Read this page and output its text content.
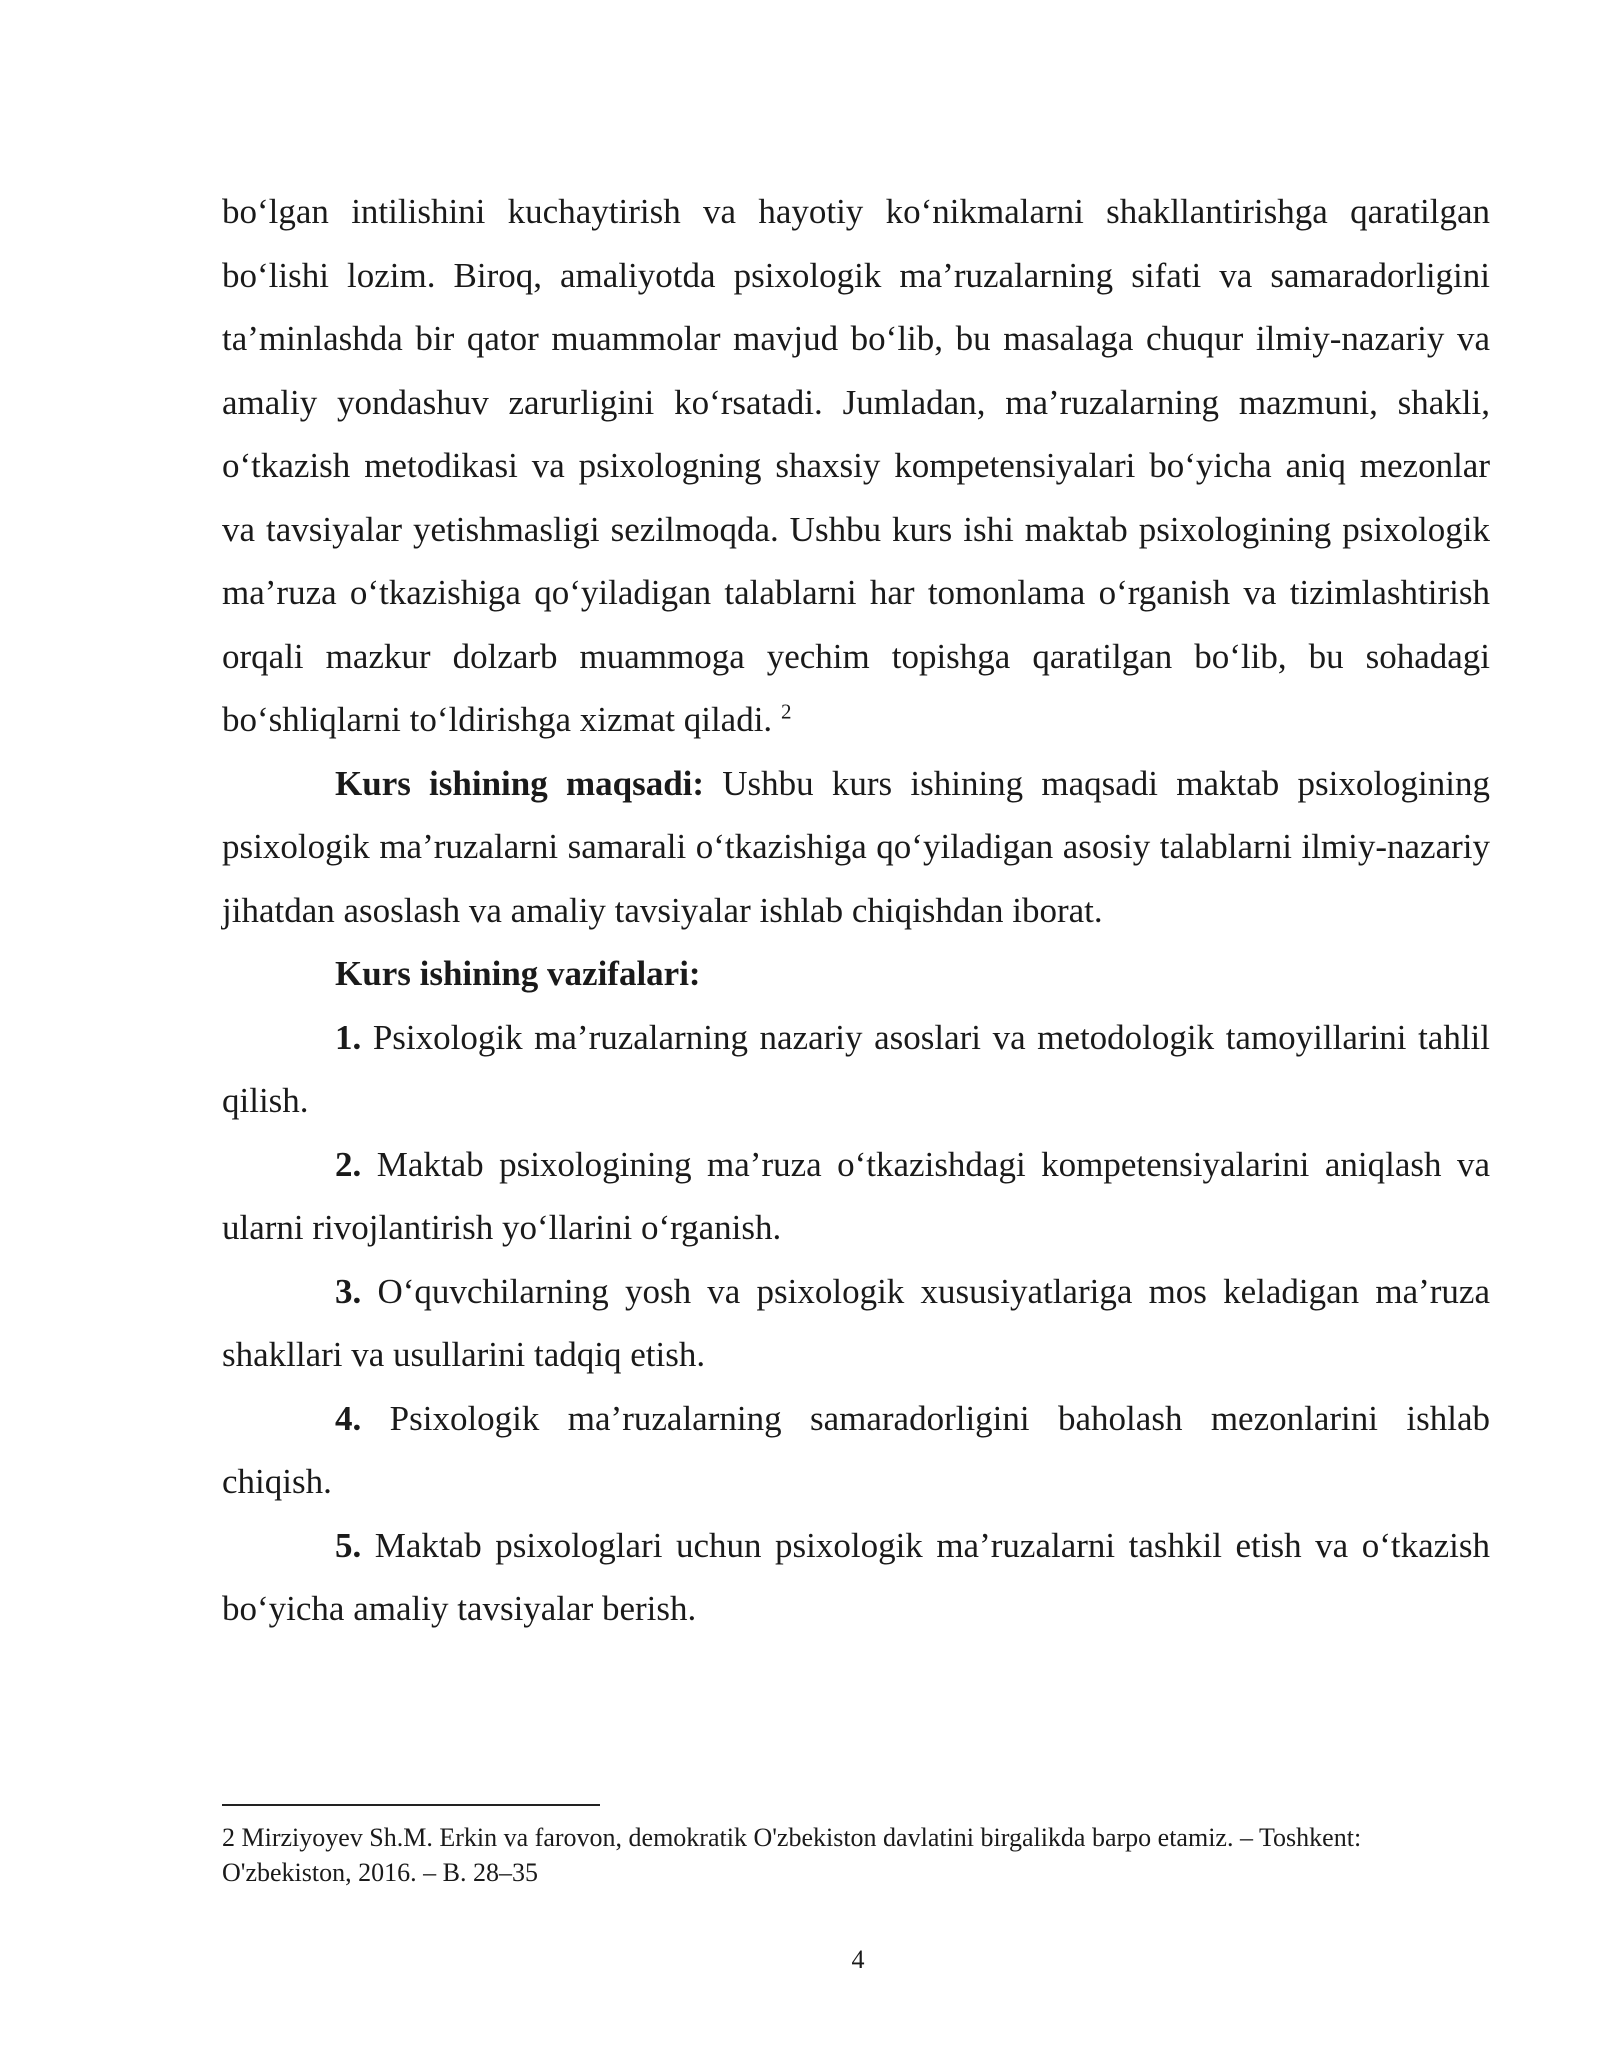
bo‘lgan intilishini kuchaytirish va hayotiy ko‘nikmalarni shakllantirishga qaratilgan bo‘lishi lozim. Biroq, amaliyotda psixologik ma’ruzalarning sifati va samaradorligini ta’minlashda bir qator muammolar mavjud bo‘lib, bu masalaga chuqur ilmiy-nazariy va amaliy yondashuv zarurligini ko‘rsatadi. Jumladan, ma’ruzalarning mazmuni, shakli, o‘tkazish metodikasi va psixologning shaxsiy kompetensiyalari bo‘yicha aniq mezonlar va tavsiyalar yetishmasligi sezilmoqda. Ushbu kurs ishi maktab psixologining psixologik ma’ruza o‘tkazishiga qo‘yiladigan talablarni har tomonlama o‘rganish va tizimlashtirish orqali mazkur dolzarb muammoga yechim topishga qaratilgan bo‘lib, bu sohadagi bo‘shliqlarni to‘ldirishga xizmat qiladi. $^2$

Kurs ishining maqsadi: Ushbu kurs ishining maqsadi maktab psixologining psixologik ma’ruzalarni samarali o‘tkazishiga qo‘yiladigan asosiy talablarni ilmiy-nazariy jihatdan asoslash va amaliy tavsiyalar ishlab chiqishdan iborat.

Kurs ishining vazifalari:

1. Psixologik ma’ruzalarning nazariy asoslari va metodologik tamoyillarini tahlil qilish.

2. Maktab psixologining ma’ruza o‘tkazishdagi kompetensiyalarini aniqlash va ularni rivojlantirish yo‘llarini o‘rganish.

3. O‘quvchilarning yosh va psixologik xususiyatlariga mos keladigan ma’ruza shakllari va usullarini tadqiq etish.

4. Psixologik ma’ruzalarning samaradorligini baholash mezonlarini ishlab chiqish.

5. Maktab psixologlari uchun psixologik ma’ruzalarni tashkil etish va o‘tkazish bo‘yicha amaliy tavsiyalar berish.

2 Mirziyoyev Sh.M. Erkin va farovon, demokratik O'zbekiston davlatini birgalikda barpo etamiz. – Toshkent: O'zbekiston, 2016. – B. 28–35
4
